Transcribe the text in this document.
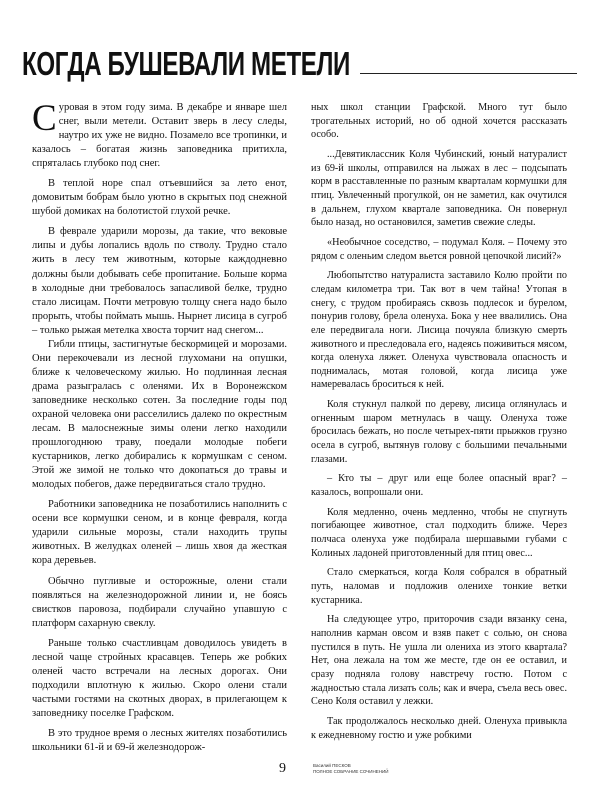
КОГДА БУШЕВАЛИ МЕТЕЛИ

Суровая в этом году зима. В декабре и январе шел снег, выли метели. Оставит зверь в лесу следы, наутро их уже не видно. Позамело все тропинки, и казалось – богатая жизнь заповедника притихла, спряталась глубоко под снег.

В теплой норе спал отъевшийся за лето енот, домовитым бобрам было уютно в скрытых под снежной шубой домиках на болотистой глухой речке.

В феврале ударили морозы, да такие, что вековые липы и дубы лопались вдоль по стволу. Трудно стало жить в лесу тем животным, которые каждодневно должны были добывать себе пропитание. Больше корма в холодные дни требовалось запасливой белке, трудно стало лисицам. Почти метровую толщу снега надо было прорыть, чтобы поймать мышь. Нырнет лисица в сугроб – только рыжая метелка хвоста торчит над снегом...

Гибли птицы, застигнутые бескормицей и морозами. Они перекочевали из лесной глухомани на опушки, ближе к человеческому жилью. Но подлинная лесная драма разыгралась с оленями. Их в Воронежском заповеднике несколько сотен. За последние годы под охраной человека они расселились далеко по окрестным лесам. В малоснежные зимы олени легко находили прошлогоднюю траву, поедали молодые побеги кустарников, легко добирались к кормушкам с сеном. Этой же зимой не только что докопаться до травы и молодых побегов, даже передвигаться стало трудно.

Работники заповедника не позаботились наполнить с осени все кормушки сеном, и в конце февраля, когда ударили сильные морозы, стали находить трупы животных. В желудках оленей – лишь хвоя да жесткая кора деревьев.

Обычно пугливые и осторожные, олени стали появляться на железнодорожной линии и, не боясь свистков паровоза, подбирали случайно упавшую с платформ сахарную свеклу.

Раньше только счастливцам доводилось увидеть в лесной чаще стройных красавцев. Теперь же робких оленей часто встречали на лесных дорогах. Они подходили вплотную к жилью. Скоро олени стали частыми гостями на скотных дворах, в прилегающем к заповеднику поселке Графском.

В это трудное время о лесных жителях позаботились школьники 61-й и 69-й железнодорож-

ных школ станции Графской. Много тут было трогательных историй, но об одной хочется рассказать особо.

...Девятиклассник Коля Чубинский, юный натуралист из 69-й школы, отправился на лыжах в лес – подсыпать корм в расставленные по разным кварталам кормушки для птиц. Увлеченный прогулкой, он не заметил, как очутился в дальнем, глухом квартале заповедника. Он повернул было назад, но остановился, заметив свежие следы.

«Необычное соседство, – подумал Коля. – Почему это рядом с оленьим следом вьется ровной цепочкой лисий?»

Любопытство натуралиста заставило Колю пройти по следам километра три. Так вот в чем тайна! Утопая в снегу, с трудом пробираясь сквозь подлесок и бурелом, понурив голову, брела оленуха. Бока у нее ввалились. Она еле передвигала ноги. Лисица почуяла близкую смерть животного и преследовала его, надеясь поживиться мясом, когда оленуха ляжет. Оленуха чувствовала опасность и поднималась, мотая головой, когда лисица уже намеревалась броситься к ней.

Коля стукнул палкой по дереву, лисица оглянулась и огненным шаром метнулась в чащу. Оленуха тоже бросилась бежать, но после четырех-пяти прыжков грузно осела в сугроб, вытянув голову с большими печальными глазами.

– Кто ты – друг или еще более опасный враг? – казалось, вопрошали они.

Коля медленно, очень медленно, чтобы не спугнуть погибающее животное, стал подходить ближе. Через полчаса оленуха уже подбирала шершавыми губами с Колиных ладоней приготовленный для птиц овес...

Стало смеркаться, когда Коля собрался в обратный путь, наломав и подложив оленихе тонкие ветки кустарника.

На следующее утро, приторочив сзади вязанку сена, наполнив карман овсом и взяв пакет с солью, он снова пустился в путь. Не ушла ли олениха из этого квартала? Нет, она лежала на том же месте, где он ее оставил, и сразу подняла голову навстречу гостю. Потом с жадностью стала лизать соль; как и вчера, съела весь овес. Сено Коля оставил у лежки.

Так продолжалось несколько дней. Оленуха привыкла к ежедневному гостю и уже робкими

9	Василий ПЕСКОВ
ПОЛНОЕ СОБРАНИЕ СОЧИНЕНИЙ
